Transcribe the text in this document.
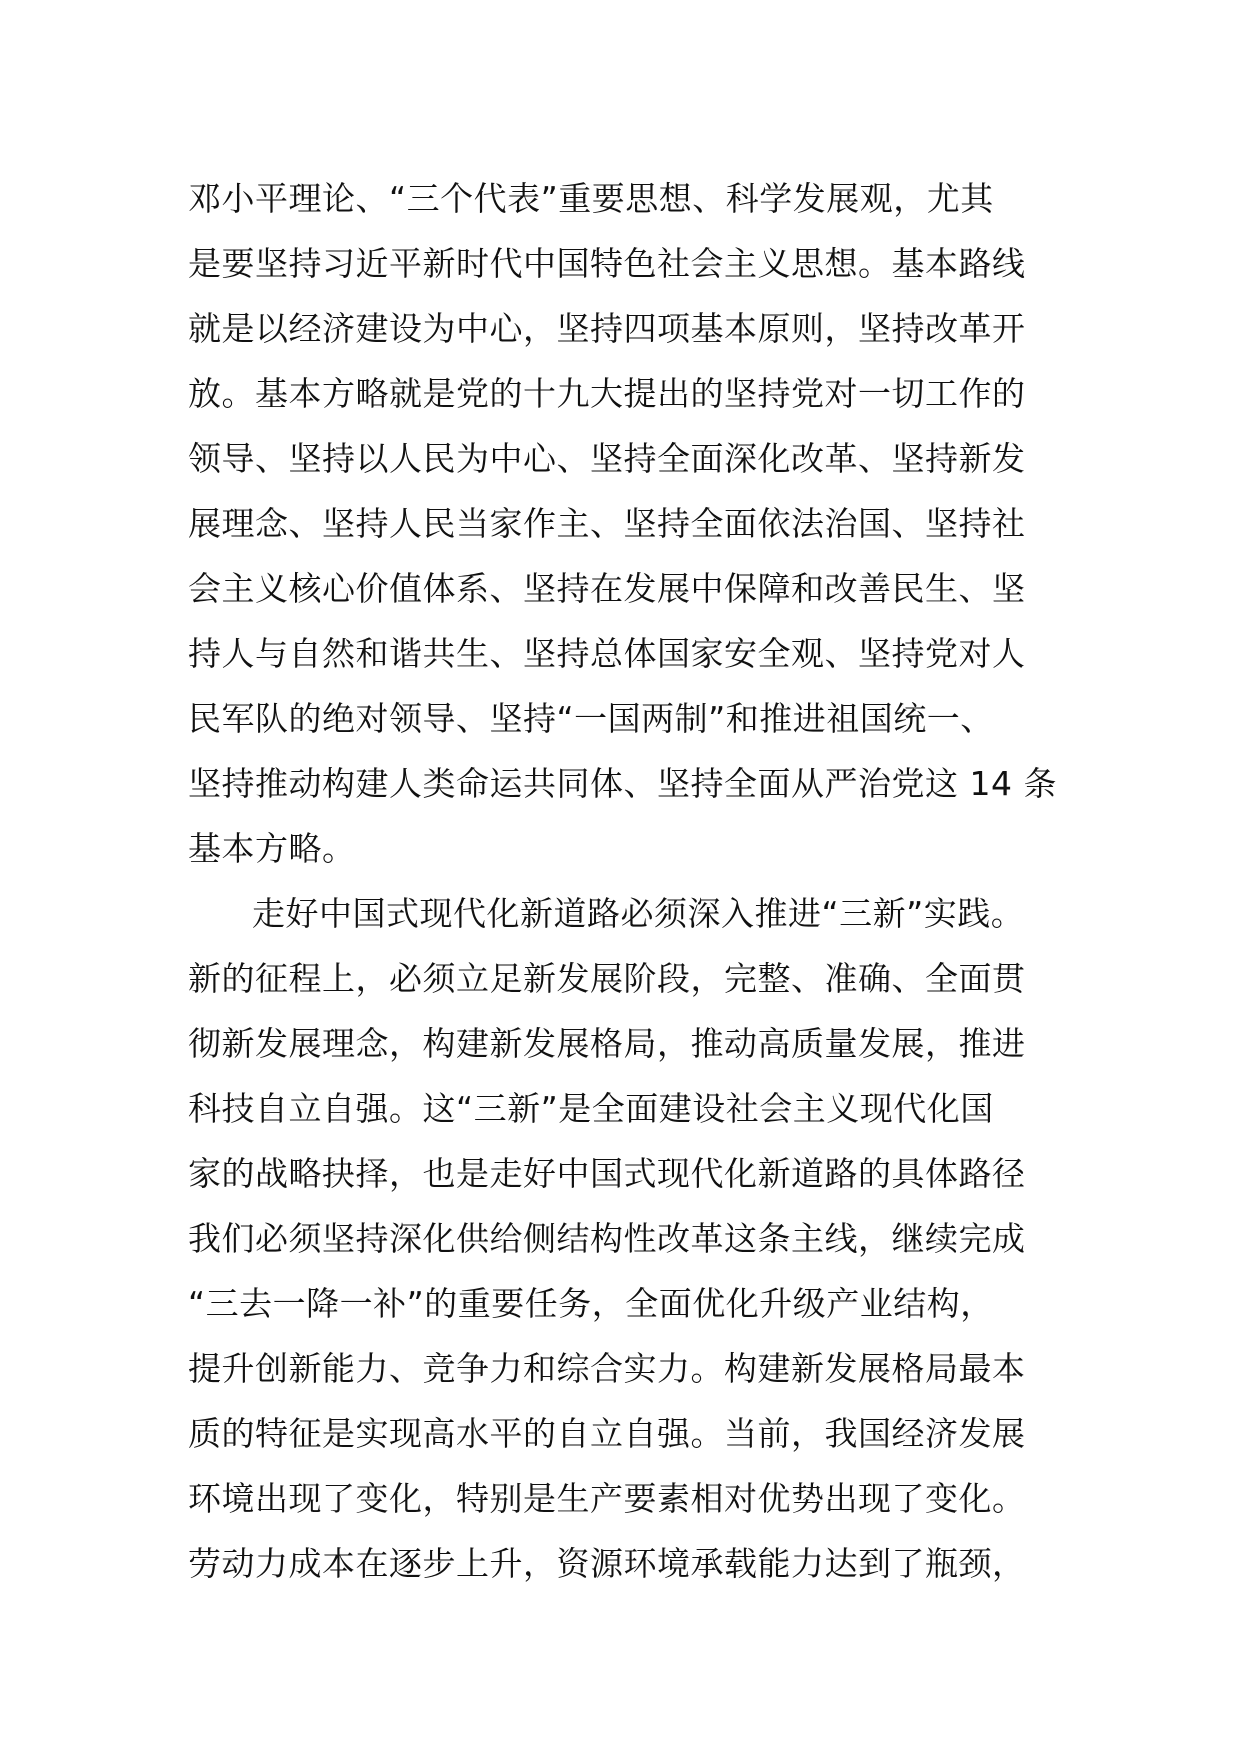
邓小平理论、“三个代表”重要思想、科学发展观，尤其
是要坚持习近平新时代中国特色社会主义思想。基本路线
就是以经济建设为中心，坚持四项基本原则，坚持改革开
放。基本方略就是党的十九大提出的坚持党对一切工作的
领导、坚持以人民为中心、坚持全面深化改革、坚持新发
展理念、坚持人民当家作主、坚持全面依法治国、坚持社
会主义核心价值体系、坚持在发展中保障和改善民生、坚
持人与自然和谐共生、坚持总体国家安全观、坚持党对人
民军队的绝对领导、坚持“一国两制”和推进祖国统一、
坚持推动构建人类命运共同体、坚持全面从严治党这 14 条
基本方略。
走好中国式现代化新道路必须深入推进“三新”实践。
新的征程上，必须立足新发展阶段，完整、准确、全面贯
彻新发展理念，构建新发展格局，推动高质量发展，推进
科技自立自强。这“三新”是全面建设社会主义现代化国
家的战略抉择，也是走好中国式现代化新道路的具体路径
我们必须坚持深化供给侧结构性改革这条主线，继续完成
“三去一降一补”的重要任务，全面优化升级产业结构，
提升创新能力、竞争力和综合实力。构建新发展格局最本
质的特征是实现高水平的自立自强。当前，我国经济发展
环境出现了变化，特别是生产要素相对优势出现了变化。
劳动力成本在逐步上升，资源环境承载能力达到了瓶颈，
